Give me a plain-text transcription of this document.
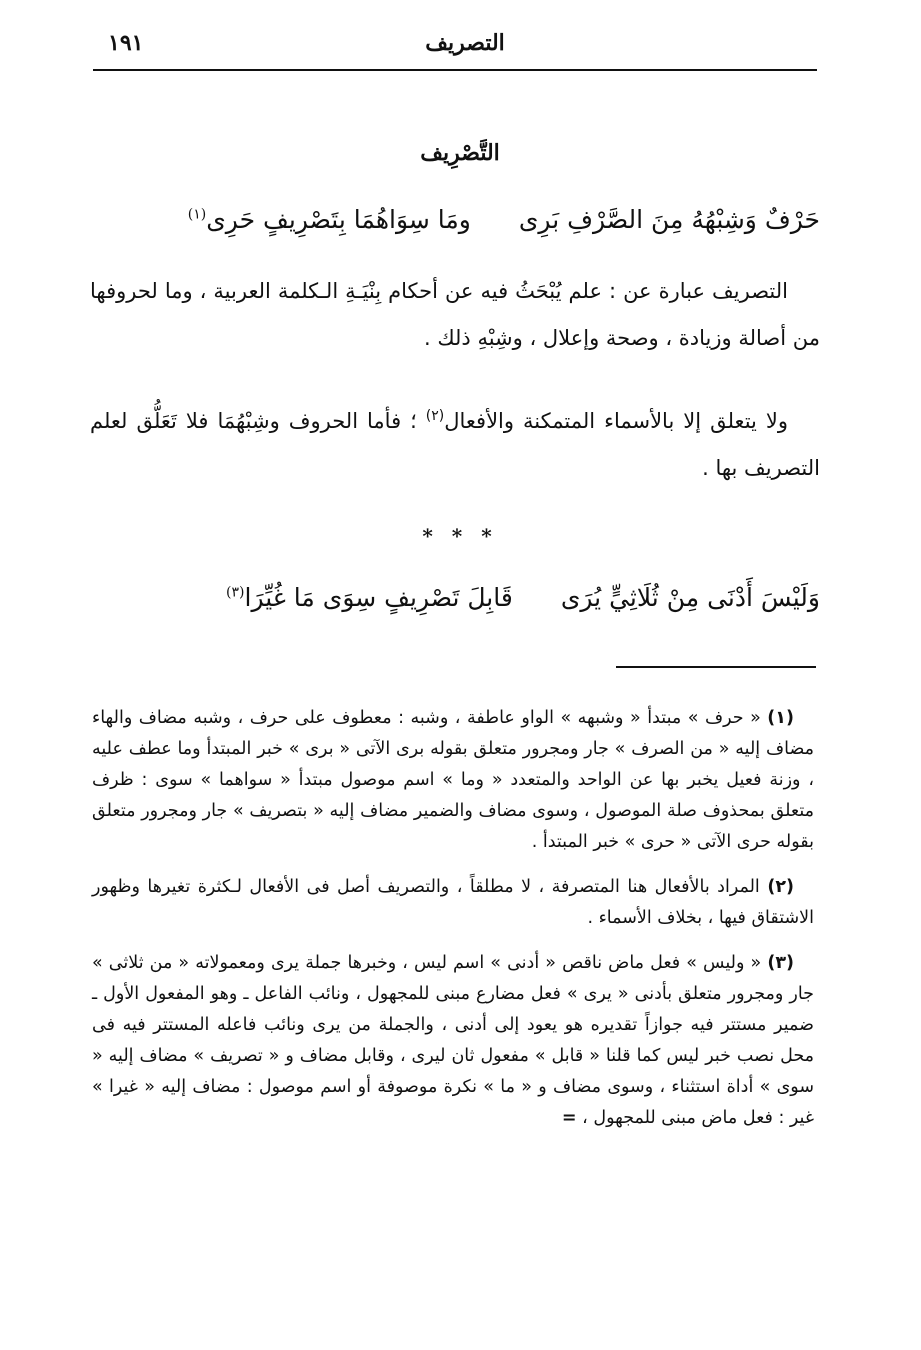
التصريف
١٩١
التَّصْرِيف
حَرْفٌ وَشِبْهُهُ مِنَ الصَّرْفِ بَرِىومَا سِوَاهُمَا بِتَصْرِيفٍ حَرِى$^{(١)}$

التصريف عبارة عن : علم يُبْحَثُ فيه عن أحكام بِنْيَـةِ الـكلمة العربية ، وما لحروفها من أصالة وزيادة ، وصحة وإعلال ، وشِبْهِ ذلك .

ولا يتعلق إلا بالأسماء المتمكنة والأفعال$^{(٢)}$ ؛ فأما الحروف وشِبْهُمَا فلا تَعَلُّق لعلم التصريف بها .

* * *
وَلَيْسَ أَدْنَى مِنْ ثُلَاثِيٍّ يُرَىقَابِلَ تَصْرِيفٍ سِوَى مَا غُيِّرَا$^{(٣)}$

(١) « حرف » مبتدأ « وشبهه » الواو عاطفة ، وشبه : معطوف على حرف ، وشبه مضاف والهاء مضاف إليه « من الصرف » جار ومجرور متعلق بقوله برى الآتى « برى » خبر المبتدأ وما عطف عليه ، وزنة فعيل يخبر بها عن الواحد والمتعدد « وما » اسم موصول مبتدأ « سواهما » سوى : ظرف متعلق بمحذوف صلة الموصول ، وسوى مضاف والضمير مضاف إليه « بتصريف » جار ومجرور متعلق بقوله حرى الآتى « حرى » خبر المبتدأ .

(٢) المراد بالأفعال هنا المتصرفة ، لا مطلقاً ، والتصريف أصل فى الأفعال لـكثرة تغيرها وظهور الاشتقاق فيها ، بخلاف الأسماء .

(٣) « وليس » فعل ماض ناقص « أدنى » اسم ليس ، وخبرها جملة يرى ومعمولاته « من ثلاثى » جار ومجرور متعلق بأدنى « يرى » فعل مضارع مبنى للمجهول ، ونائب الفاعل ـ وهو المفعول الأول ـ ضمير مستتر فيه جوازاً تقديره هو يعود إلى أدنى ، والجملة من يرى ونائب فاعله المستتر فيه فى محل نصب خبر ليس كما قلنا « قابل » مفعول ثان ليرى ، وقابل مضاف و « تصريف » مضاف إليه « سوى » أداة استثناء ، وسوى مضاف و « ما » نكرة موصوفة أو اسم موصول : مضاف إليه « غيرا » غير : فعل ماض مبنى للمجهول ، =
